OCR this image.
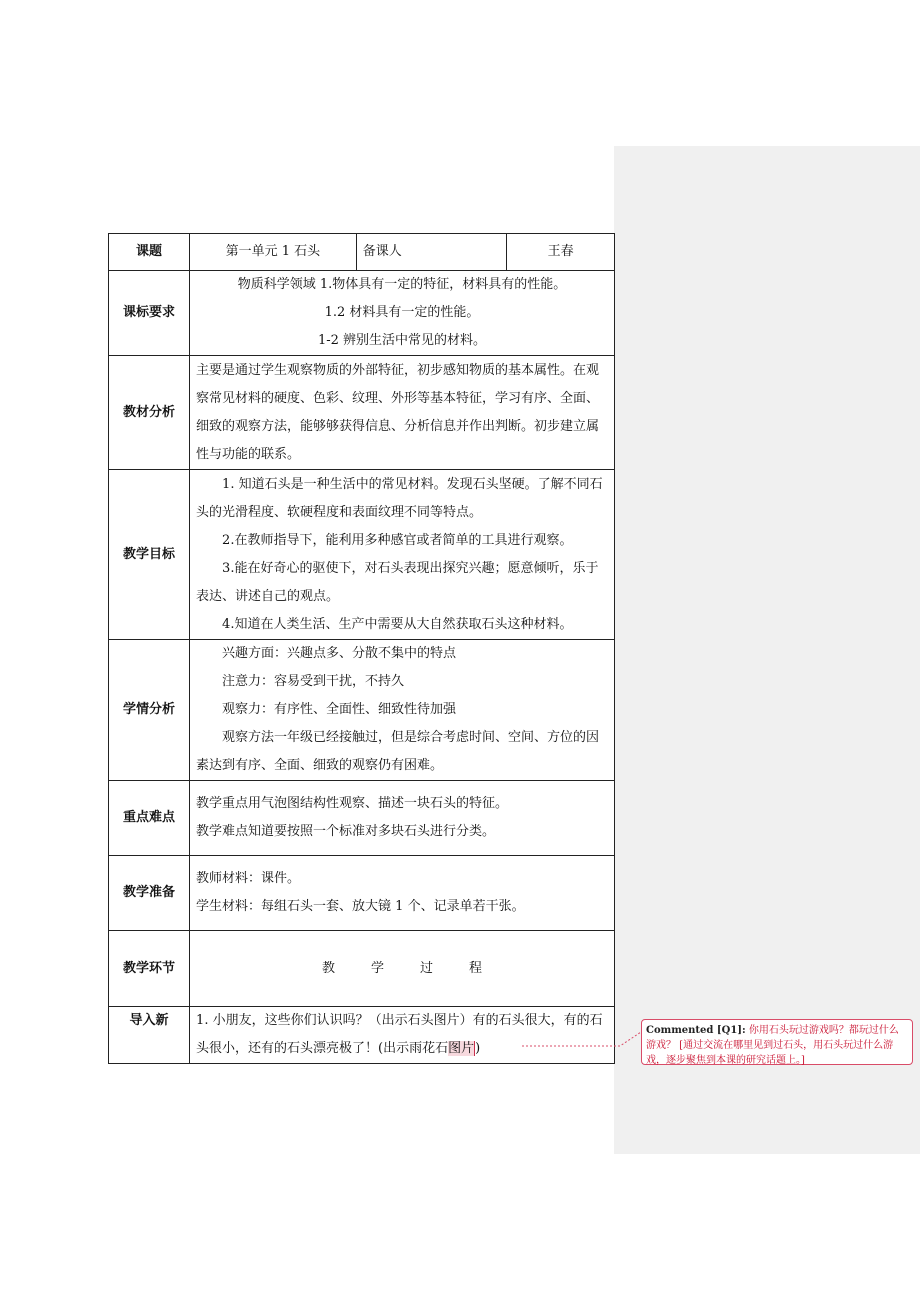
课题	第一单元 1 石头	备课人	王春
课标要求	物质科学领域 1.物体具有一定的特征，材料具有的性能。
1.2 材料具有一定的性能。
1-2 辨别生活中常见的材料。		

教材分析	主要是通过学生观察物质的外部特征，初步感知物质的基本属性。在观察常见材料的硬度、色彩、纹理、外形等基本特征，学习有序、全面、细致的观察方法，能够够获得信息、分析信息并作出判断。初步建立属性与功能的联系。		
教学目标	1. 知道石头是一种生活中的常见材料。发现石头坚硬。了解不同石头的光滑程度、软硬程度和表面纹理不同等特点。
2.在教师指导下，能利用多种感官或者简单的工具进行观察。
3.能在好奇心的驱使下，对石头表现出探究兴趣；愿意倾听，乐于表达、讲述自己的观点。
4.知道在人类生活、生产中需要从大自然获取石头这种材料。		

学情分析	兴趣方面：兴趣点多、分散不集中的特点
注意力：容易受到干扰，不持久
观察力：有序性、全面性、细致性待加强
观察方法一年级已经接触过，但是综合考虑时间、空间、方位的因素达到有序、全面、细致的观察仍有困难。		

重点难点	教学重点用气泡图结构性观察、描述一块石头的特征。
教学难点知道要按照一个标准对多块石头进行分类。		

教学准备	教师材料：课件。
学生材料：每组石头一套、放大镜 1 个、记录单若干张。		

教学环节	教 学 过 程		
导入新	1. 小朋友，这些你们认识吗？（出示石头图片）有的石头很大，有的石头很小，还有的石头漂亮极了！(出示雨花石图片)		
Commented [Q1]: 你用石头玩过游戏吗？都玩过什么游戏？ [通过交流在哪里见到过石头，用石头玩过什么游戏，逐步聚焦到本课的研究话题上。]
